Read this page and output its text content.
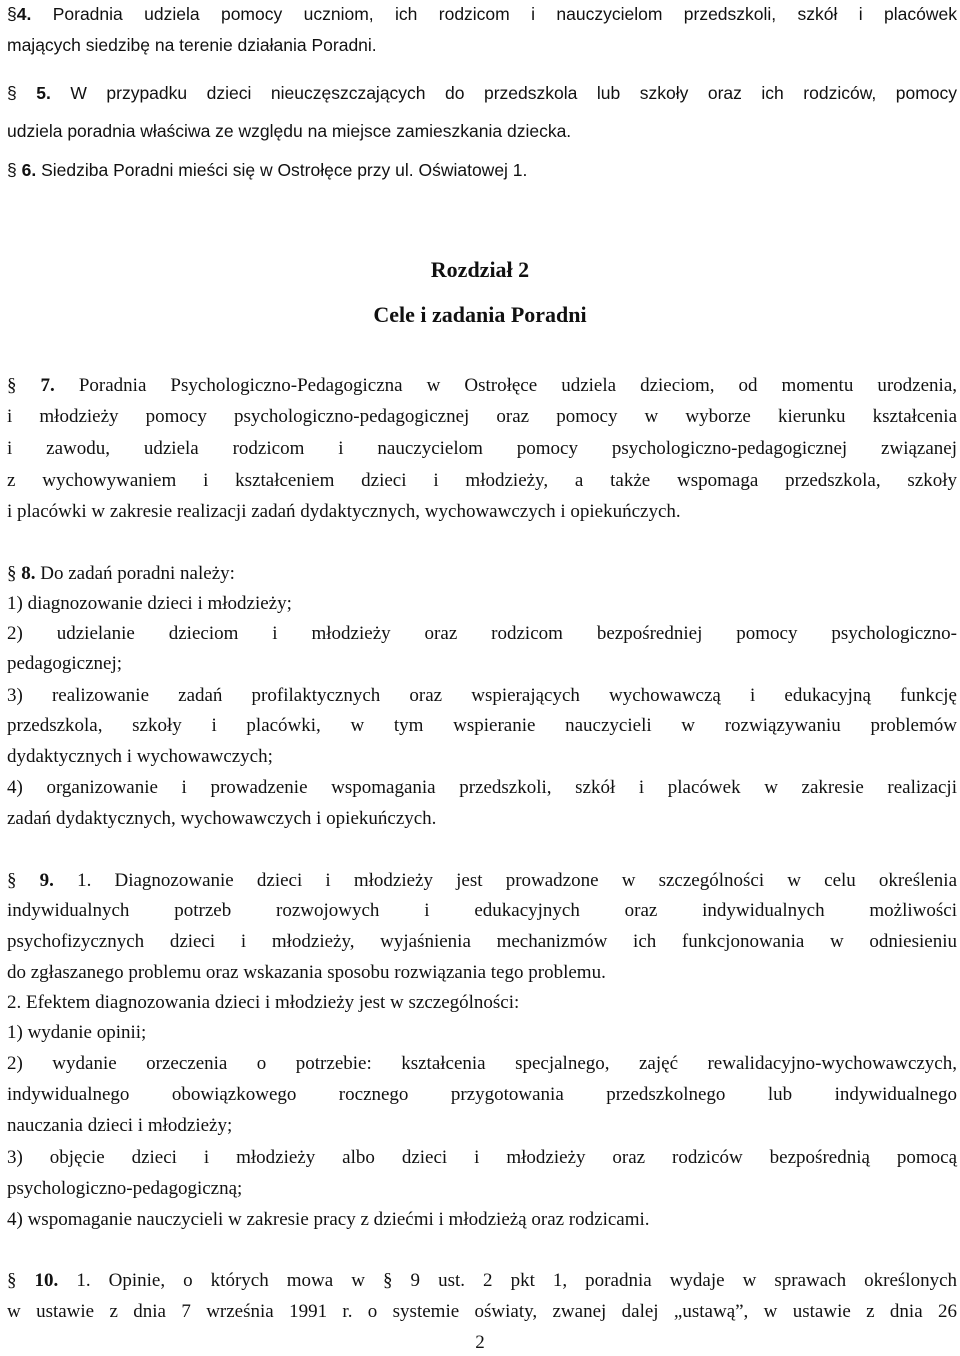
§4. Poradnia udziela pomocy uczniom, ich rodzicom i nauczycielom przedszkoli, szkół i placówek
mających siedzibę na terenie działania Poradni.
§ 5. W przypadku dzieci nieuczęszczających do przedszkola lub szkoły oraz ich rodziców, pomocy
udziela poradnia właściwa ze względu na miejsce zamieszkania dziecka.
§ 6. Siedziba Poradni mieści się w Ostrołęce przy ul. Oświatowej 1.
Rozdział 2
Cele i zadania Poradni
§ 7. Poradnia Psychologiczno-Pedagogiczna w Ostrołęce udziela dzieciom, od momentu urodzenia,
i młodzieży pomocy psychologiczno-pedagogicznej oraz pomocy w wyborze kierunku kształcenia
i zawodu, udziela rodzicom i nauczycielom pomocy psychologiczno-pedagogicznej związanej
z wychowywaniem i kształceniem dzieci i młodzieży, a także wspomaga przedszkola, szkoły
i placówki w zakresie realizacji zadań dydaktycznych, wychowawczych i opiekuńczych.
§ 8. Do zadań poradni należy:
1) diagnozowanie dzieci i młodzieży;
2) udzielanie dzieciom i młodzieży oraz rodzicom bezpośredniej pomocy psychologiczno-
pedagogicznej;
3) realizowanie zadań profilaktycznych oraz wspierających wychowawczą i edukacyjną funkcję
przedszkola, szkoły i placówki, w tym wspieranie nauczycieli w rozwiązywaniu problemów
dydaktycznych i wychowawczych;
4) organizowanie i prowadzenie wspomagania przedszkoli, szkół i placówek w zakresie realizacji
zadań dydaktycznych, wychowawczych i opiekuńczych.
§ 9. 1. Diagnozowanie dzieci i młodzieży jest prowadzone w szczególności w celu określenia
indywidualnych potrzeb rozwojowych i edukacyjnych oraz indywidualnych możliwości
psychofizycznych dzieci i młodzieży, wyjaśnienia mechanizmów ich funkcjonowania w odniesieniu
do zgłaszanego problemu oraz wskazania sposobu rozwiązania tego problemu.
2. Efektem diagnozowania dzieci i młodzieży jest w szczególności:
1) wydanie opinii;
2) wydanie orzeczenia o potrzebie: kształcenia specjalnego, zajęć rewalidacyjno-wychowawczych,
indywidualnego obowiązkowego rocznego przygotowania przedszkolnego lub indywidualnego
nauczania dzieci i młodzieży;
3) objęcie dzieci i młodzieży albo dzieci i młodzieży oraz rodziców bezpośrednią pomocą
psychologiczno-pedagogiczną;
4) wspomaganie nauczycieli w zakresie pracy z dziećmi i młodzieżą oraz rodzicami.
§ 10. 1. Opinie, o których mowa w § 9 ust. 2 pkt 1, poradnia wydaje w sprawach określonych
w ustawie z dnia 7 września 1991 r. o systemie oświaty, zwanej dalej „ustawą”, w ustawie z dnia 26
2
